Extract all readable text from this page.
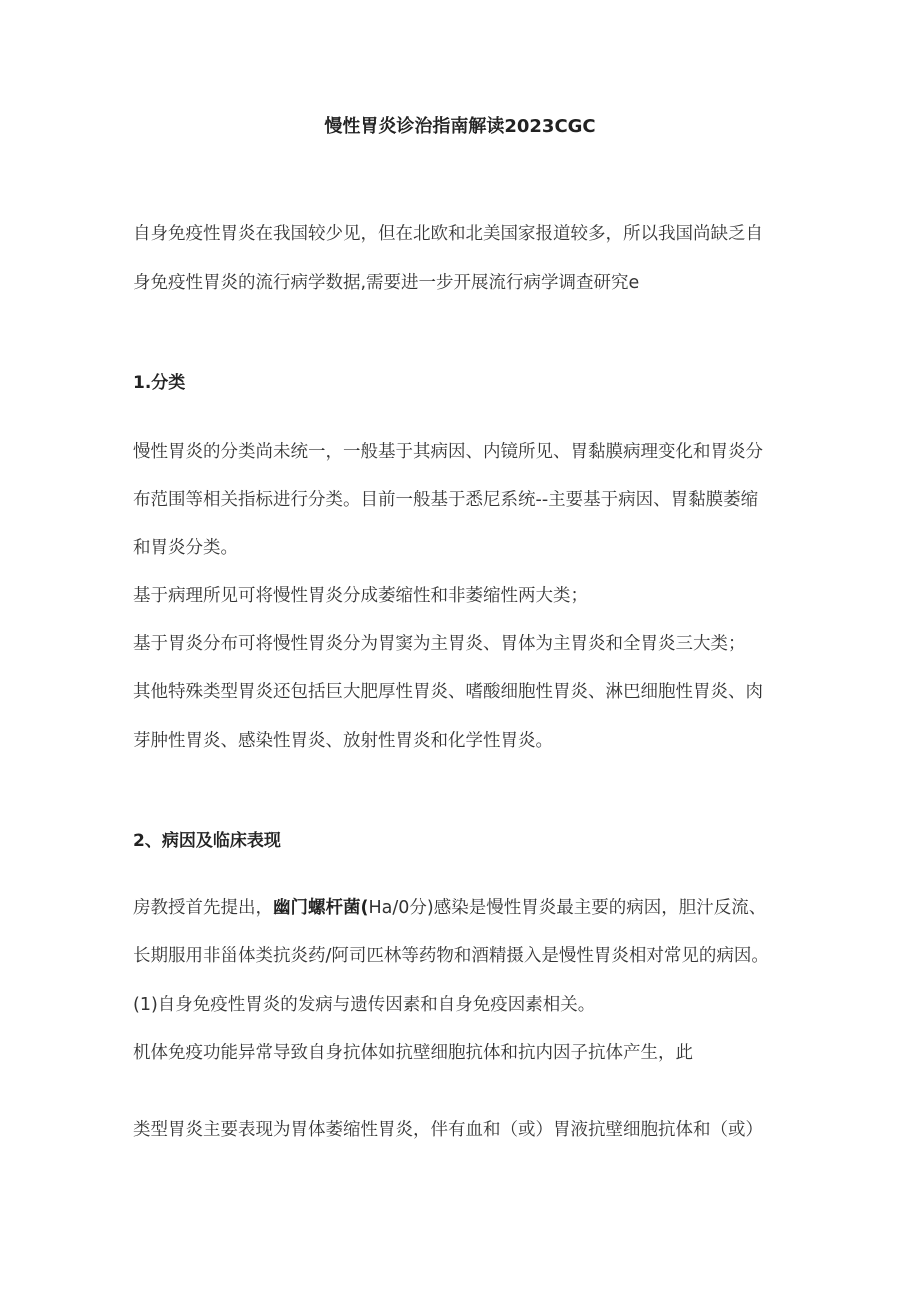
慢性胃炎诊治指南解读2023CGC
自身免疫性胃炎在我国较少见，但在北欧和北美国家报道较多，所以我国尚缺乏自
身免疫性胃炎的流行病学数据,需要进一步开展流行病学调查研究e
1.分类
慢性胃炎的分类尚未统一，一般基于其病因、内镜所见、胃黏膜病理变化和胃炎分
布范围等相关指标进行分类。目前一般基于悉尼系统--主要基于病因、胃黏膜萎缩
和胃炎分类。
基于病理所见可将慢性胃炎分成萎缩性和非萎缩性两大类；
基于胃炎分布可将慢性胃炎分为胃窦为主胃炎、胃体为主胃炎和全胃炎三大类；
其他特殊类型胃炎还包括巨大肥厚性胃炎、嗜酸细胞性胃炎、淋巴细胞性胃炎、肉
芽肿性胃炎、感染性胃炎、放射性胃炎和化学性胃炎。
2、病因及临床表现
房教授首先提出，幽门螺杆菌(Ha/0分)感染是慢性胃炎最主要的病因，胆汁反流、
长期服用非甾体类抗炎药/阿司匹林等药物和酒精摄入是慢性胃炎相对常见的病因。
(1)自身免疫性胃炎的发病与遗传因素和自身免疫因素相关。
机体免疫功能异常导致自身抗体如抗壁细胞抗体和抗内因子抗体产生，此
类型胃炎主要表现为胃体萎缩性胃炎，伴有血和（或）胃液抗壁细胞抗体和（或）
